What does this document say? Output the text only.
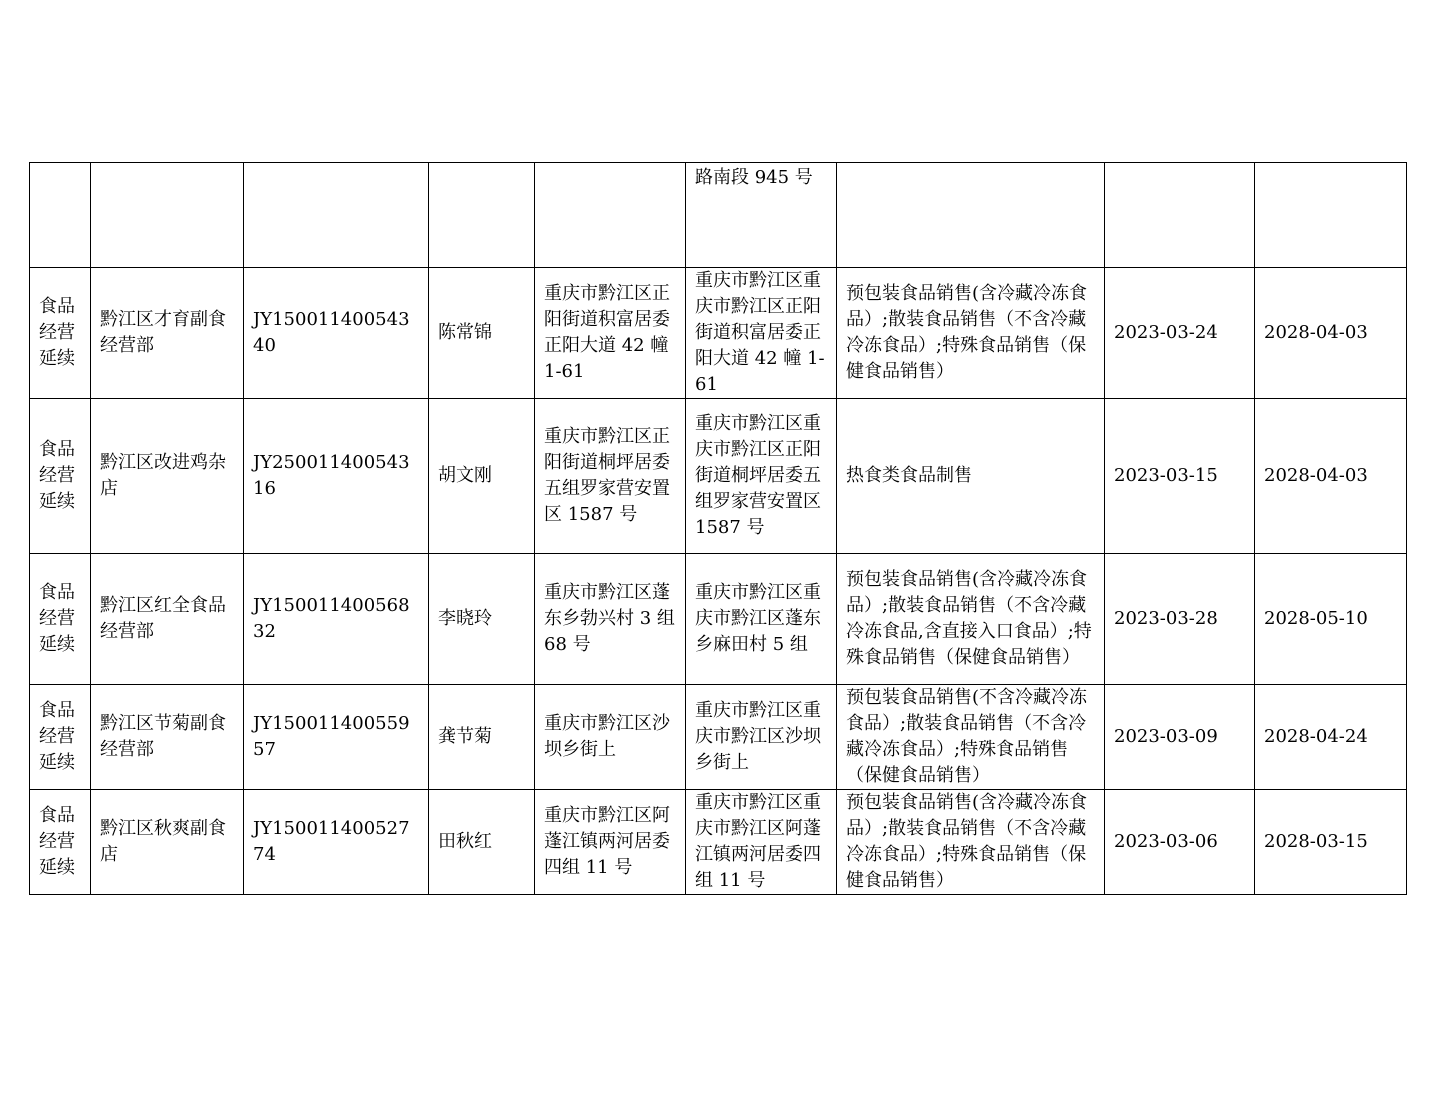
					路南段 945 号			
食品经营延续	黔江区才育副食经营部	JY15001140054340	陈常锦	重庆市黔江区正阳街道积富居委正阳大道 42 幢 1-61	重庆市黔江区重庆市黔江区正阳街道积富居委正阳大道 42 幢 1-61	预包装食品销售(含冷藏冷冻食品）;散装食品销售（不含冷藏冷冻食品）;特殊食品销售（保健食品销售）	2023-03-24	2028-04-03
食品经营延续	黔江区改进鸡杂店	JY25001140054316	胡文刚	重庆市黔江区正阳街道桐坪居委五组罗家营安置区 1587 号	重庆市黔江区重庆市黔江区正阳街道桐坪居委五组罗家营安置区 1587 号	热食类食品制售	2023-03-15	2028-04-03
食品经营延续	黔江区红全食品经营部	JY15001140056832	李晓玲	重庆市黔江区蓬东乡勃兴村 3 组 68 号	重庆市黔江区重庆市黔江区蓬东乡麻田村 5 组	预包装食品销售(含冷藏冷冻食品）;散装食品销售（不含冷藏冷冻食品,含直接入口食品）;特殊食品销售（保健食品销售）	2023-03-28	2028-05-10
食品经营延续	黔江区节菊副食经营部	JY15001140055957	龚节菊	重庆市黔江区沙坝乡街上	重庆市黔江区重庆市黔江区沙坝乡街上	预包装食品销售(不含冷藏冷冻食品）;散装食品销售（不含冷藏冷冻食品）;特殊食品销售（保健食品销售）	2023-03-09	2028-04-24
食品经营延续	黔江区秋爽副食店	JY15001140052774	田秋红	重庆市黔江区阿蓬江镇两河居委四组 11 号	重庆市黔江区重庆市黔江区阿蓬江镇两河居委四组 11 号	预包装食品销售(含冷藏冷冻食品）;散装食品销售（不含冷藏冷冻食品）;特殊食品销售（保健食品销售）	2023-03-06	2028-03-15
